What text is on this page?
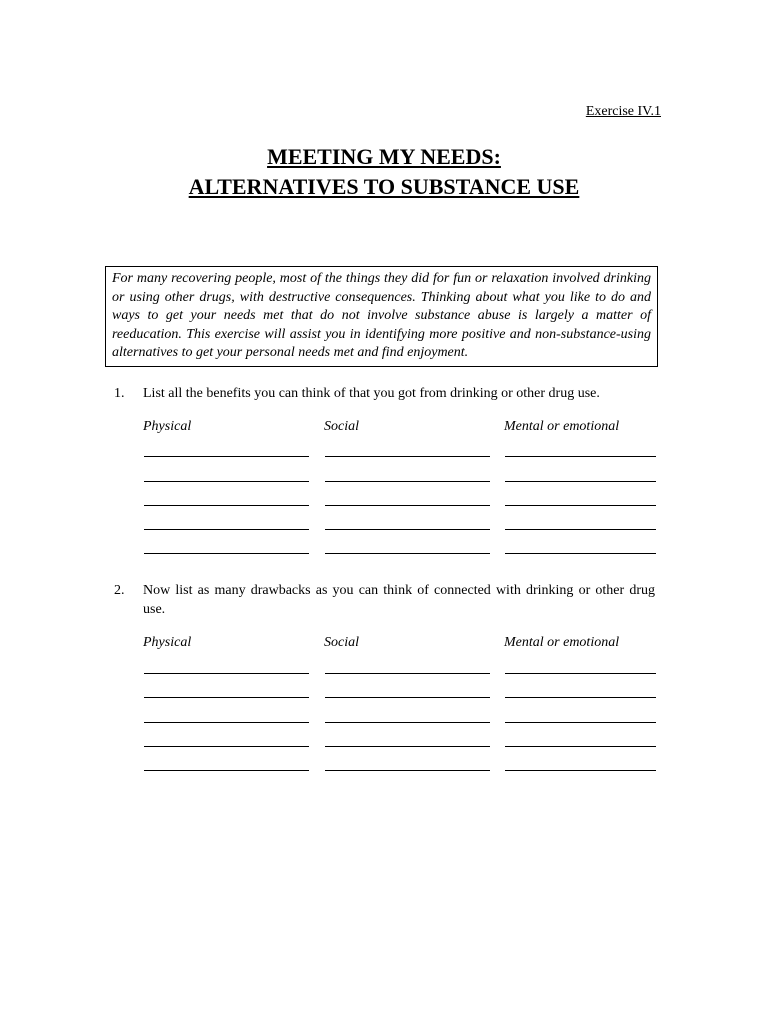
Exercise IV.1
MEETING MY NEEDS:
ALTERNATIVES TO SUBSTANCE USE
For many recovering people, most of the things they did for fun or relaxation involved drinking or using other drugs, with destructive consequences. Thinking about what you like to do and ways to get your needs met that do not involve substance abuse is largely a matter of reeducation. This exercise will assist you in identifying more positive and non-substance-using alternatives to get your personal needs met and find enjoyment.
1. List all the benefits you can think of that you got from drinking or other drug use.
Physical	Social	Mental or emotional
2. Now list as many drawbacks as you can think of connected with drinking or other drug use.
Physical	Social	Mental or emotional
